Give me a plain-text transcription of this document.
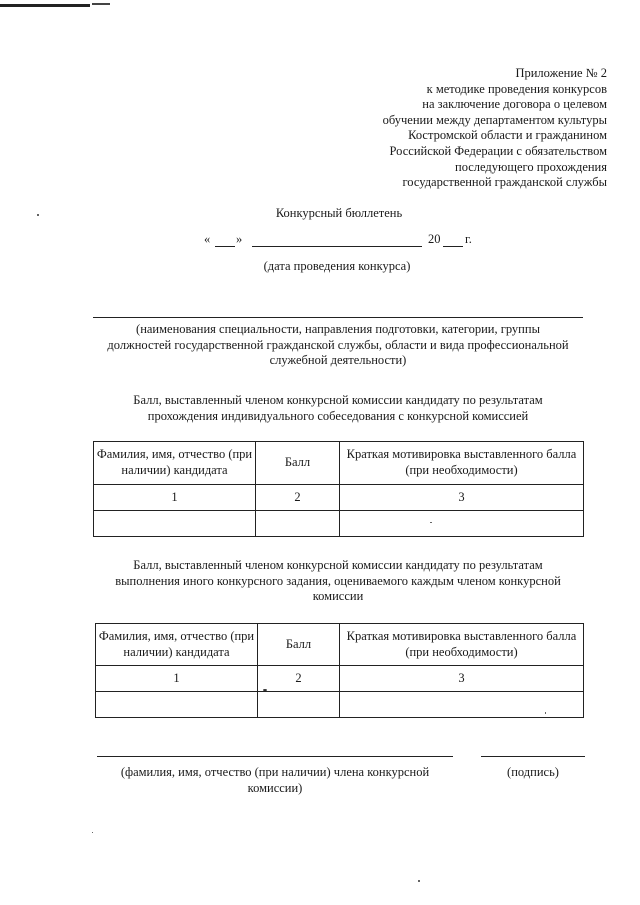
Приложение № 2
к методике проведения конкурсов
на заключение договора о целевом
обучении между департаментом культуры
Костромской области и гражданином
Российской Федерации с обязательством
последующего прохождения
государственной гражданской службы
Конкурсный бюллетень
« »	20 г.
(дата проведения конкурса)
(наименования специальности, направления подготовки, категории, группы
должностей государственной гражданской службы, области и вида профессиональной
служебной деятельности)
Балл, выставленный членом конкурсной комиссии кандидату по результатам
прохождения индивидуального собеседования с конкурсной комиссией
Фамилия, имя, отчество (при наличии) кандидата	Балл	Краткая мотивировка выставленного балла (при необходимости)
1	2	3

Балл, выставленный членом конкурсной комиссии кандидату по результатам
выполнения иного конкурсного задания, оцениваемого каждым членом конкурсной
комиссии
Фамилия, имя, отчество (при наличии) кандидата	Балл	Краткая мотивировка выставленного балла (при необходимости)
1	2	3

(фамилия, имя, отчество (при наличии) члена конкурсной
комиссии)
(подпись)
